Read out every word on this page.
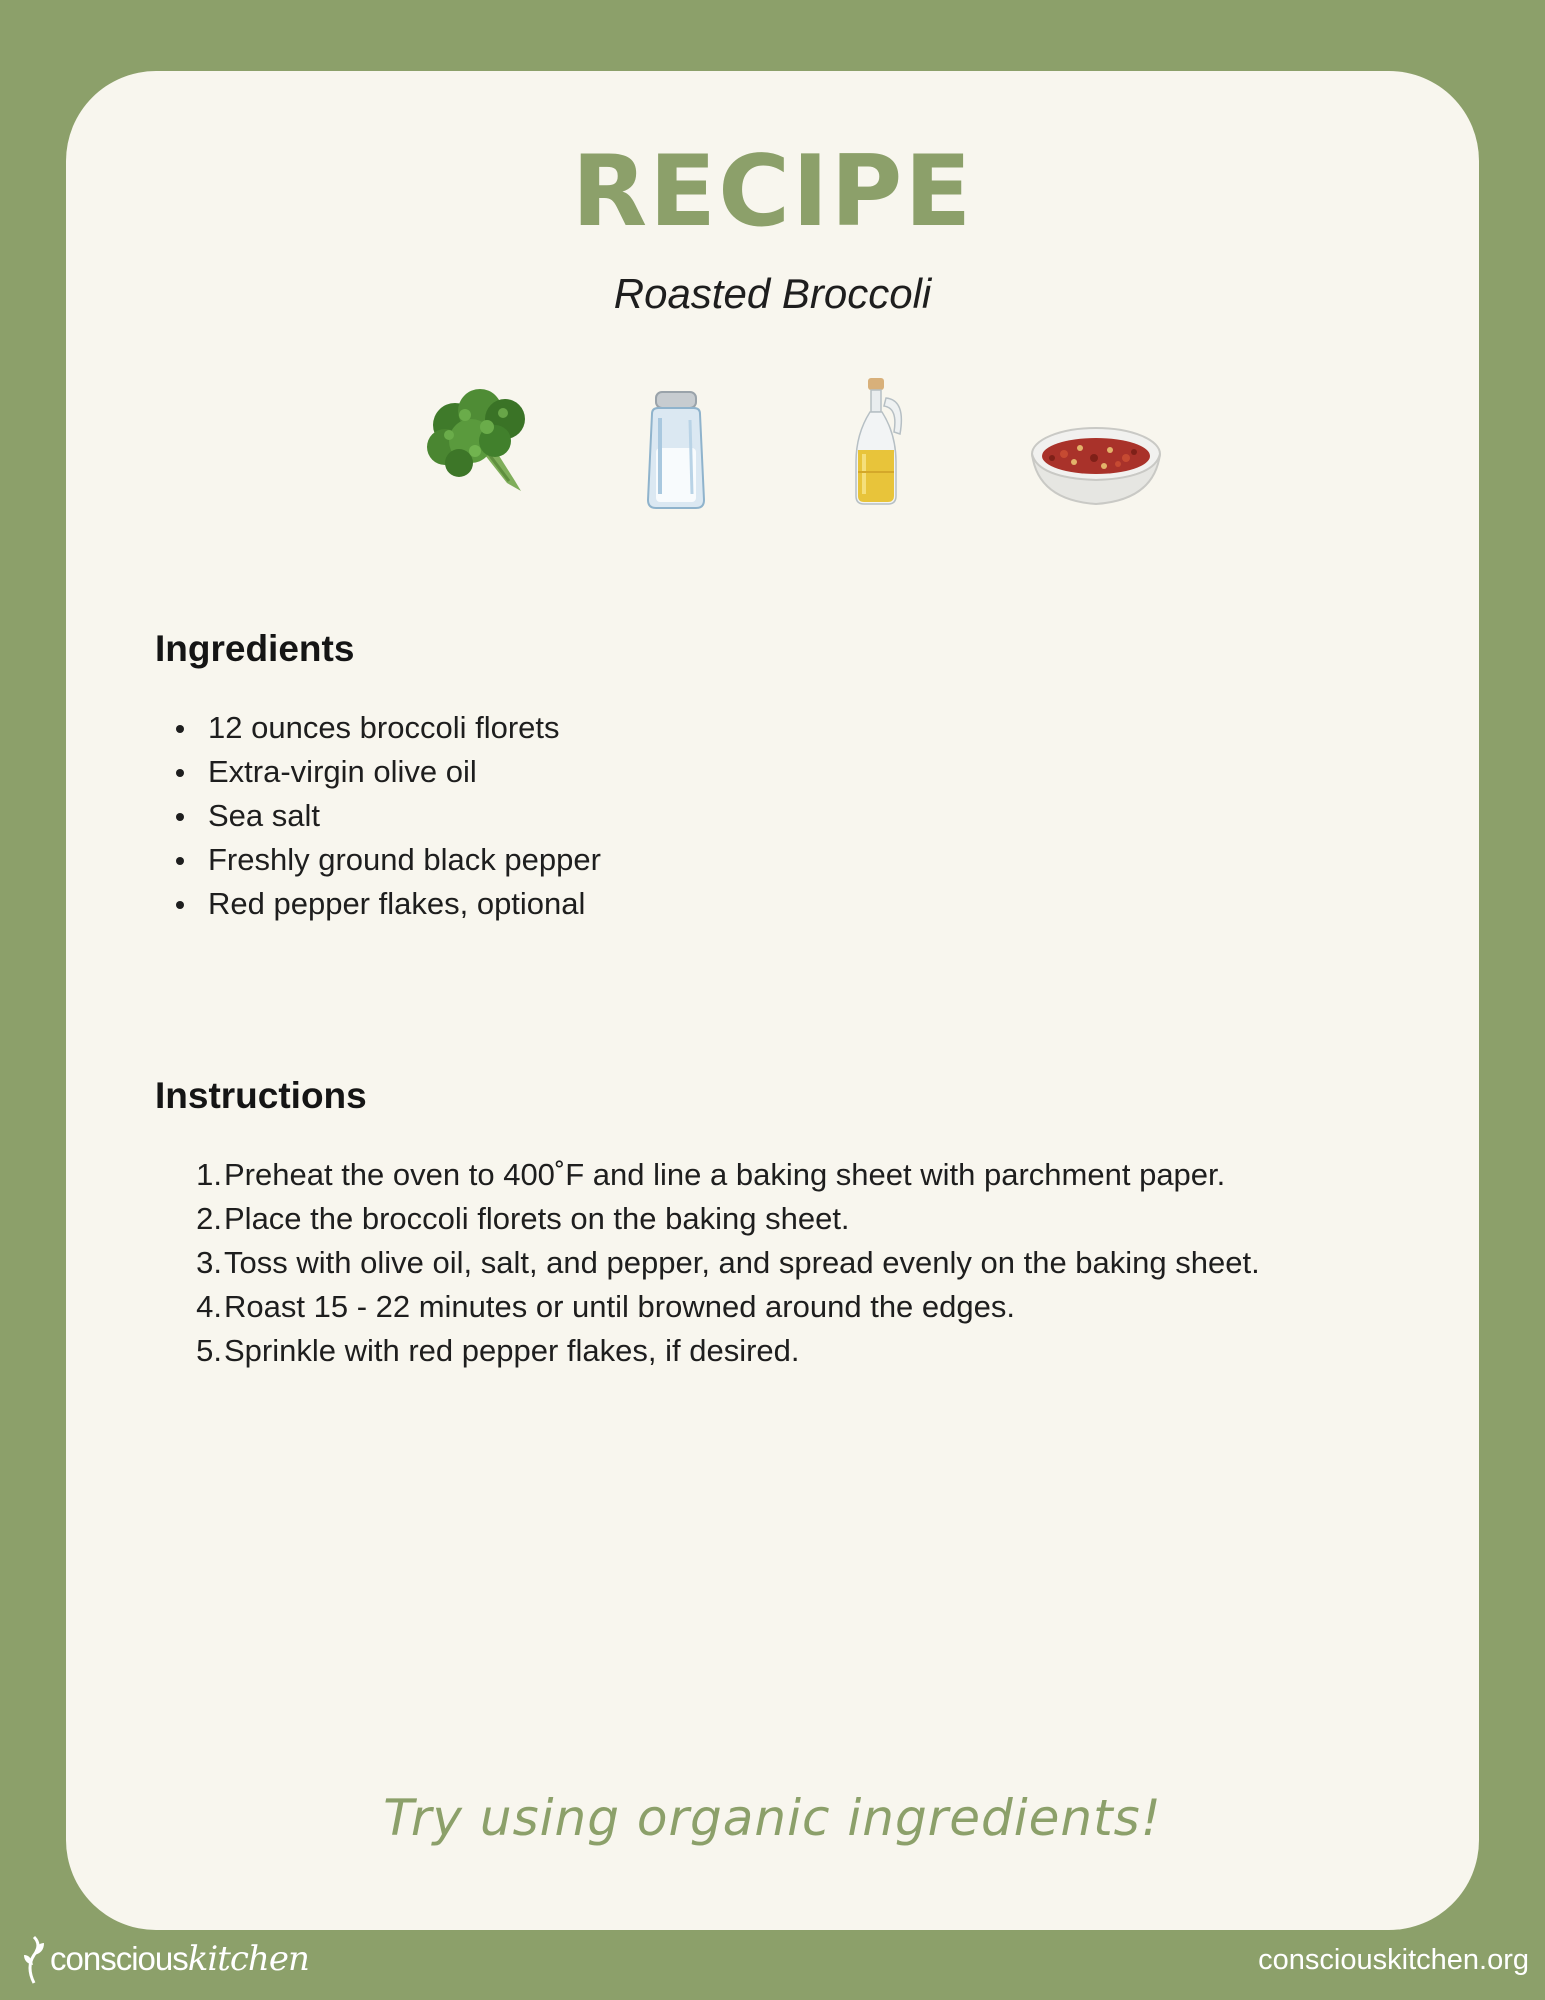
RECIPE
Roasted Broccoli
Ingredients
12 ounces broccoli florets
Extra-virgin olive oil
Sea salt
Freshly ground black pepper
Red pepper flakes, optional
Instructions
1. Preheat the oven to 400˚F and line a baking sheet with parchment paper.
2. Place the broccoli florets on the baking sheet.
3. Toss with olive oil, salt, and pepper, and spread evenly on the baking sheet.
4. Roast 15 - 22 minutes or until browned around the edges.
5. Sprinkle with red pepper flakes, if desired.
Try using organic ingredients!
conscious kitchen	consciouskitchen.org
